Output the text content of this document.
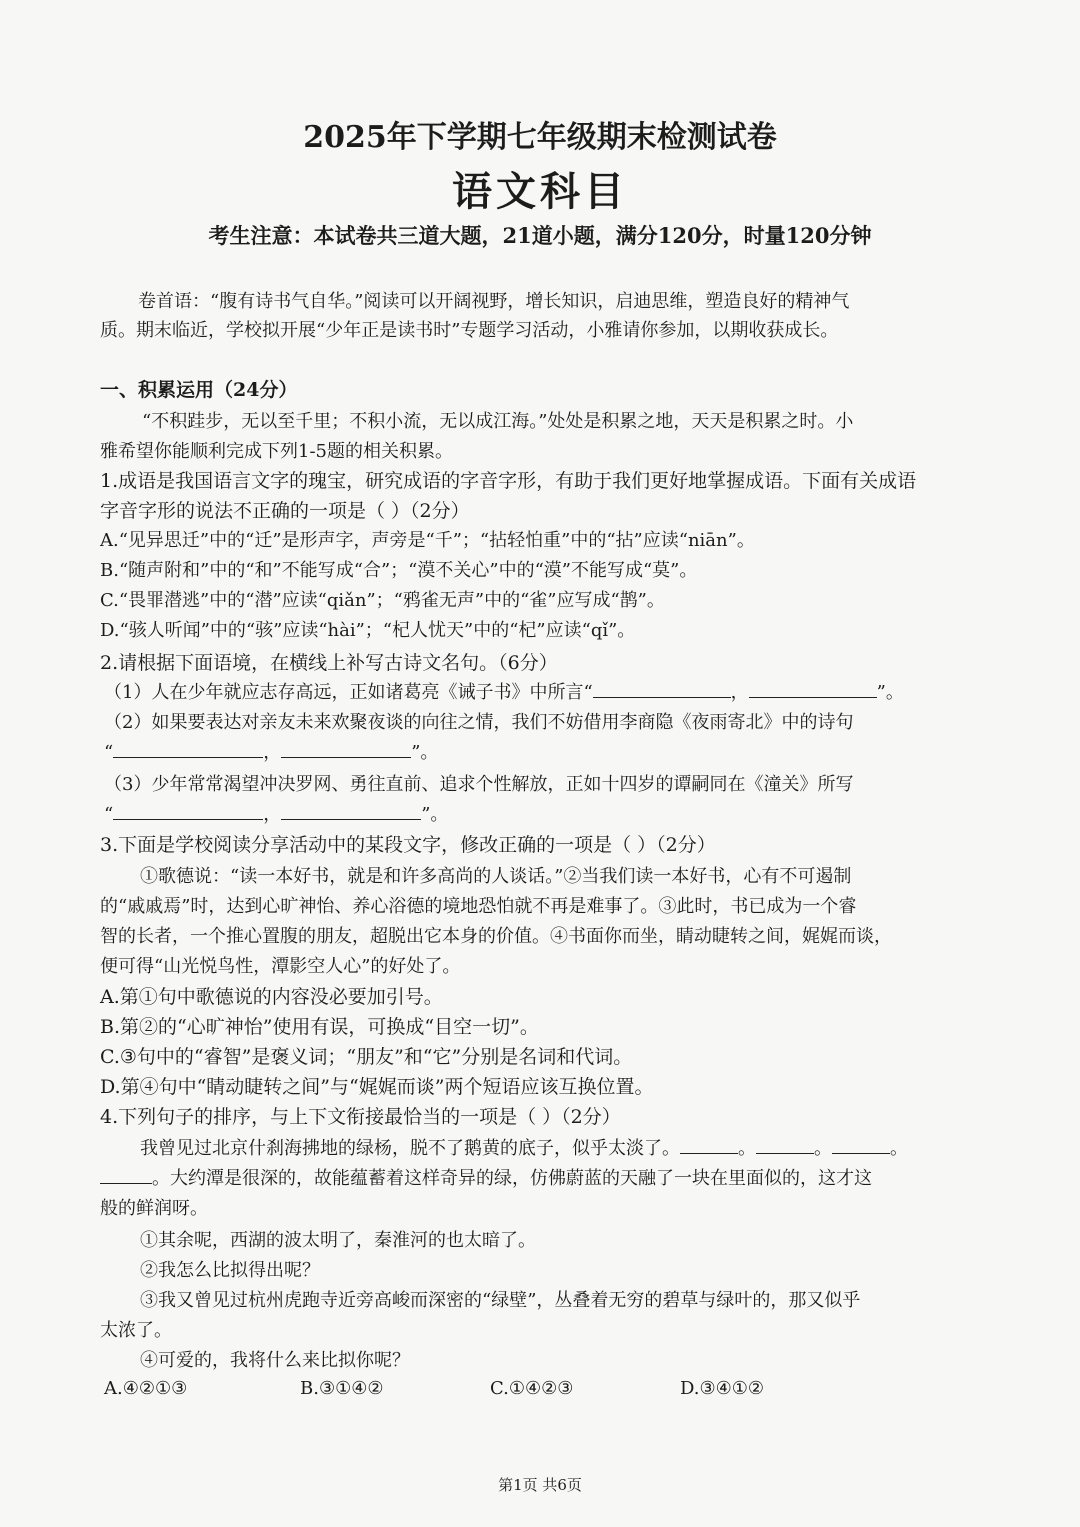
2025年下学期七年级期末检测试卷
语文科目
考生注意：本试卷共三道大题，21道小题，满分120分，时量120分钟
卷首语：“腹有诗书气自华。”阅读可以开阔视野，增长知识，启迪思维，塑造良好的精神气
质。期末临近，学校拟开展“少年正是读书时”专题学习活动，小雅请你参加，以期收获成长。
一、积累运用（24分）
“不积跬步，无以至千里；不积小流，无以成江海。”处处是积累之地，天天是积累之时。小
雅希望你能顺利完成下列1-5题的相关积累。
1.成语是我国语言文字的瑰宝，研究成语的字音字形，有助于我们更好地掌握成语。下面有关成语
字音字形的说法不正确的一项是（ ）（2分）
A.“见异思迁”中的“迁”是形声字，声旁是“千”；“拈轻怕重”中的“拈”应读“niān”。
B.“随声附和”中的“和”不能写成“合”；“漠不关心”中的“漠”不能写成“莫”。
C.“畏罪潜逃”中的“潜”应读“qiǎn”；“鸦雀无声”中的“雀”应写成“鹊”。
D.“骇人听闻”中的“骇”应读“hài”；“杞人忧天”中的“杞”应读“qǐ”。
2.请根据下面语境，在横线上补写古诗文名句。（6分）
（1）人在少年就应志存高远，正如诸葛亮《诫子书》中所言“	，	”。
（2）如果要表达对亲友未来欢聚夜谈的向往之情，我们不妨借用李商隐《夜雨寄北》中的诗句
“	，	”。
（3）少年常常渴望冲决罗网、勇往直前、追求个性解放，正如十四岁的谭嗣同在《潼关》所写
“	，	”。
3.下面是学校阅读分享活动中的某段文字，修改正确的一项是（ ）（2分）
①歌德说：“读一本好书，就是和许多高尚的人谈话。”②当我们读一本好书，心有不可遏制
的“戚戚焉”时，达到心旷神怡、养心浴德的境地恐怕就不再是难事了。③此时，书已成为一个睿
智的长者，一个推心置腹的朋友，超脱出它本身的价值。④书面你而坐，睛动睫转之间，娓娓而谈，
便可得“山光悦鸟性，潭影空人心”的好处了。
A.第①句中歌德说的内容没必要加引号。
B.第②的“心旷神怡”使用有误，可换成“目空一切”。
C.③句中的“睿智”是褒义词；“朋友”和“它”分别是名词和代词。
D.第④句中“睛动睫转之间”与“娓娓而谈”两个短语应该互换位置。
4.下列句子的排序，与上下文衔接最恰当的一项是（ ）（2分）
我曾见过北京什刹海拂地的绿杨，脱不了鹅黄的底子，似乎太淡了。	。	。	。
。大约潭是很深的，故能蕴蓄着这样奇异的绿，仿佛蔚蓝的天融了一块在里面似的，这才这
般的鲜润呀。
①其余呢，西湖的波太明了，秦淮河的也太暗了。
②我怎么比拟得出呢？
③我又曾见过杭州虎跑寺近旁高峻而深密的“绿壁”，丛叠着无穷的碧草与绿叶的，那又似乎
太浓了。
④可爱的，我将什么来比拟你呢？
A.④②①③	B.③①④②	C.①④②③	D.③④①②
第1页 共6页
